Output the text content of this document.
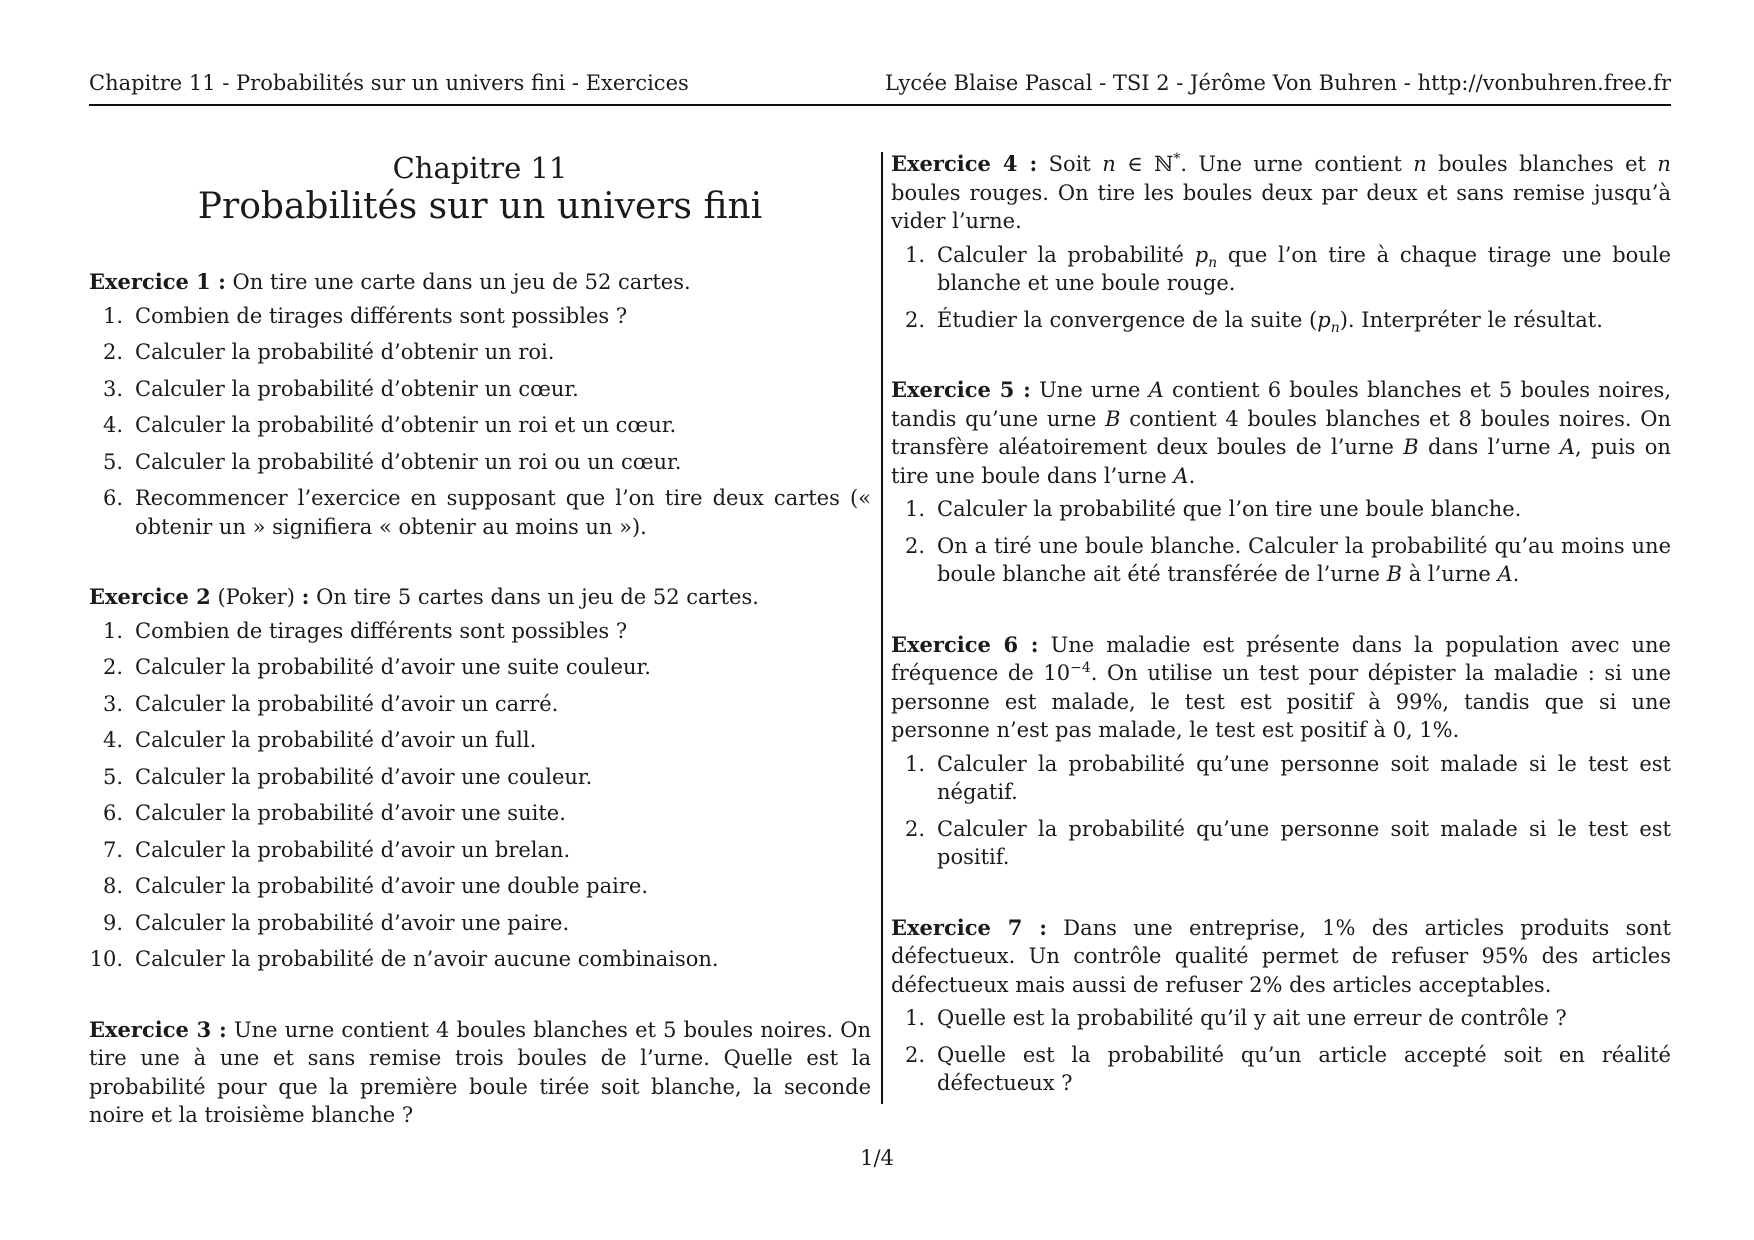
Chapitre 11 - Probabilités sur un univers fini - Exercices	Lycée Blaise Pascal - TSI 2 - Jérôme Von Buhren - http://vonbuhren.free.fr
Chapitre 11
Probabilités sur un univers fini

Exercice 1 : On tire une carte dans un jeu de 52 cartes.

1. Combien de tirages différents sont possibles ?
2. Calculer la probabilité d’obtenir un roi.
3. Calculer la probabilité d’obtenir un cœur.
4. Calculer la probabilité d’obtenir un roi et un cœur.
5. Calculer la probabilité d’obtenir un roi ou un cœur.
6. Recommencer l’exercice en supposant que l’on tire deux cartes (« obtenir un » signifiera « obtenir au moins un »).

Exercice 2 (Poker) : On tire 5 cartes dans un jeu de 52 cartes.

1. Combien de tirages différents sont possibles ?
2. Calculer la probabilité d’avoir une suite couleur.
3. Calculer la probabilité d’avoir un carré.
4. Calculer la probabilité d’avoir un full.
5. Calculer la probabilité d’avoir une couleur.
6. Calculer la probabilité d’avoir une suite.
7. Calculer la probabilité d’avoir un brelan.
8. Calculer la probabilité d’avoir une double paire.
9. Calculer la probabilité d’avoir une paire.
10. Calculer la probabilité de n’avoir aucune combinaison.

Exercice 3 : Une urne contient 4 boules blanches et 5 boules noires. On tire une à une et sans remise trois boules de l’urne. Quelle est la probabilité pour que la première boule tirée soit blanche, la seconde noire et la troisième blanche ?

Exercice 4 : Soit n ∈ ℕ*. Une urne contient n boules blanches et n boules rouges. On tire les boules deux par deux et sans remise jusqu’à vider l’urne.

1. Calculer la probabilité $p_n$ que l’on tire à chaque tirage une boule blanche et une boule rouge.
2. Étudier la convergence de la suite $(p_n)$. Interpréter le résultat.

Exercice 5 : Une urne A contient 6 boules blanches et 5 boules noires, tandis qu’une urne B contient 4 boules blanches et 8 boules noires. On transfère aléatoirement deux boules de l’urne B dans l’urne A, puis on tire une boule dans l’urne A.

1. Calculer la probabilité que l’on tire une boule blanche.
2. On a tiré une boule blanche. Calculer la probabilité qu’au moins une boule blanche ait été transférée de l’urne B à l’urne A.

Exercice 6 : Une maladie est présente dans la population avec une fréquence de $10^{-4}$. On utilise un test pour dépister la maladie : si une personne est malade, le test est positif à 99%, tandis que si une personne n’est pas malade, le test est positif à 0, 1%.

1. Calculer la probabilité qu’une personne soit malade si le test est négatif.
2. Calculer la probabilité qu’une personne soit malade si le test est positif.

Exercice 7 : Dans une entreprise, 1% des articles produits sont défectueux. Un contrôle qualité permet de refuser 95% des articles défectueux mais aussi de refuser 2% des articles acceptables.

1. Quelle est la probabilité qu’il y ait une erreur de contrôle ?
2. Quelle est la probabilité qu’un article accepté soit en réalité défectueux ?
1/4
